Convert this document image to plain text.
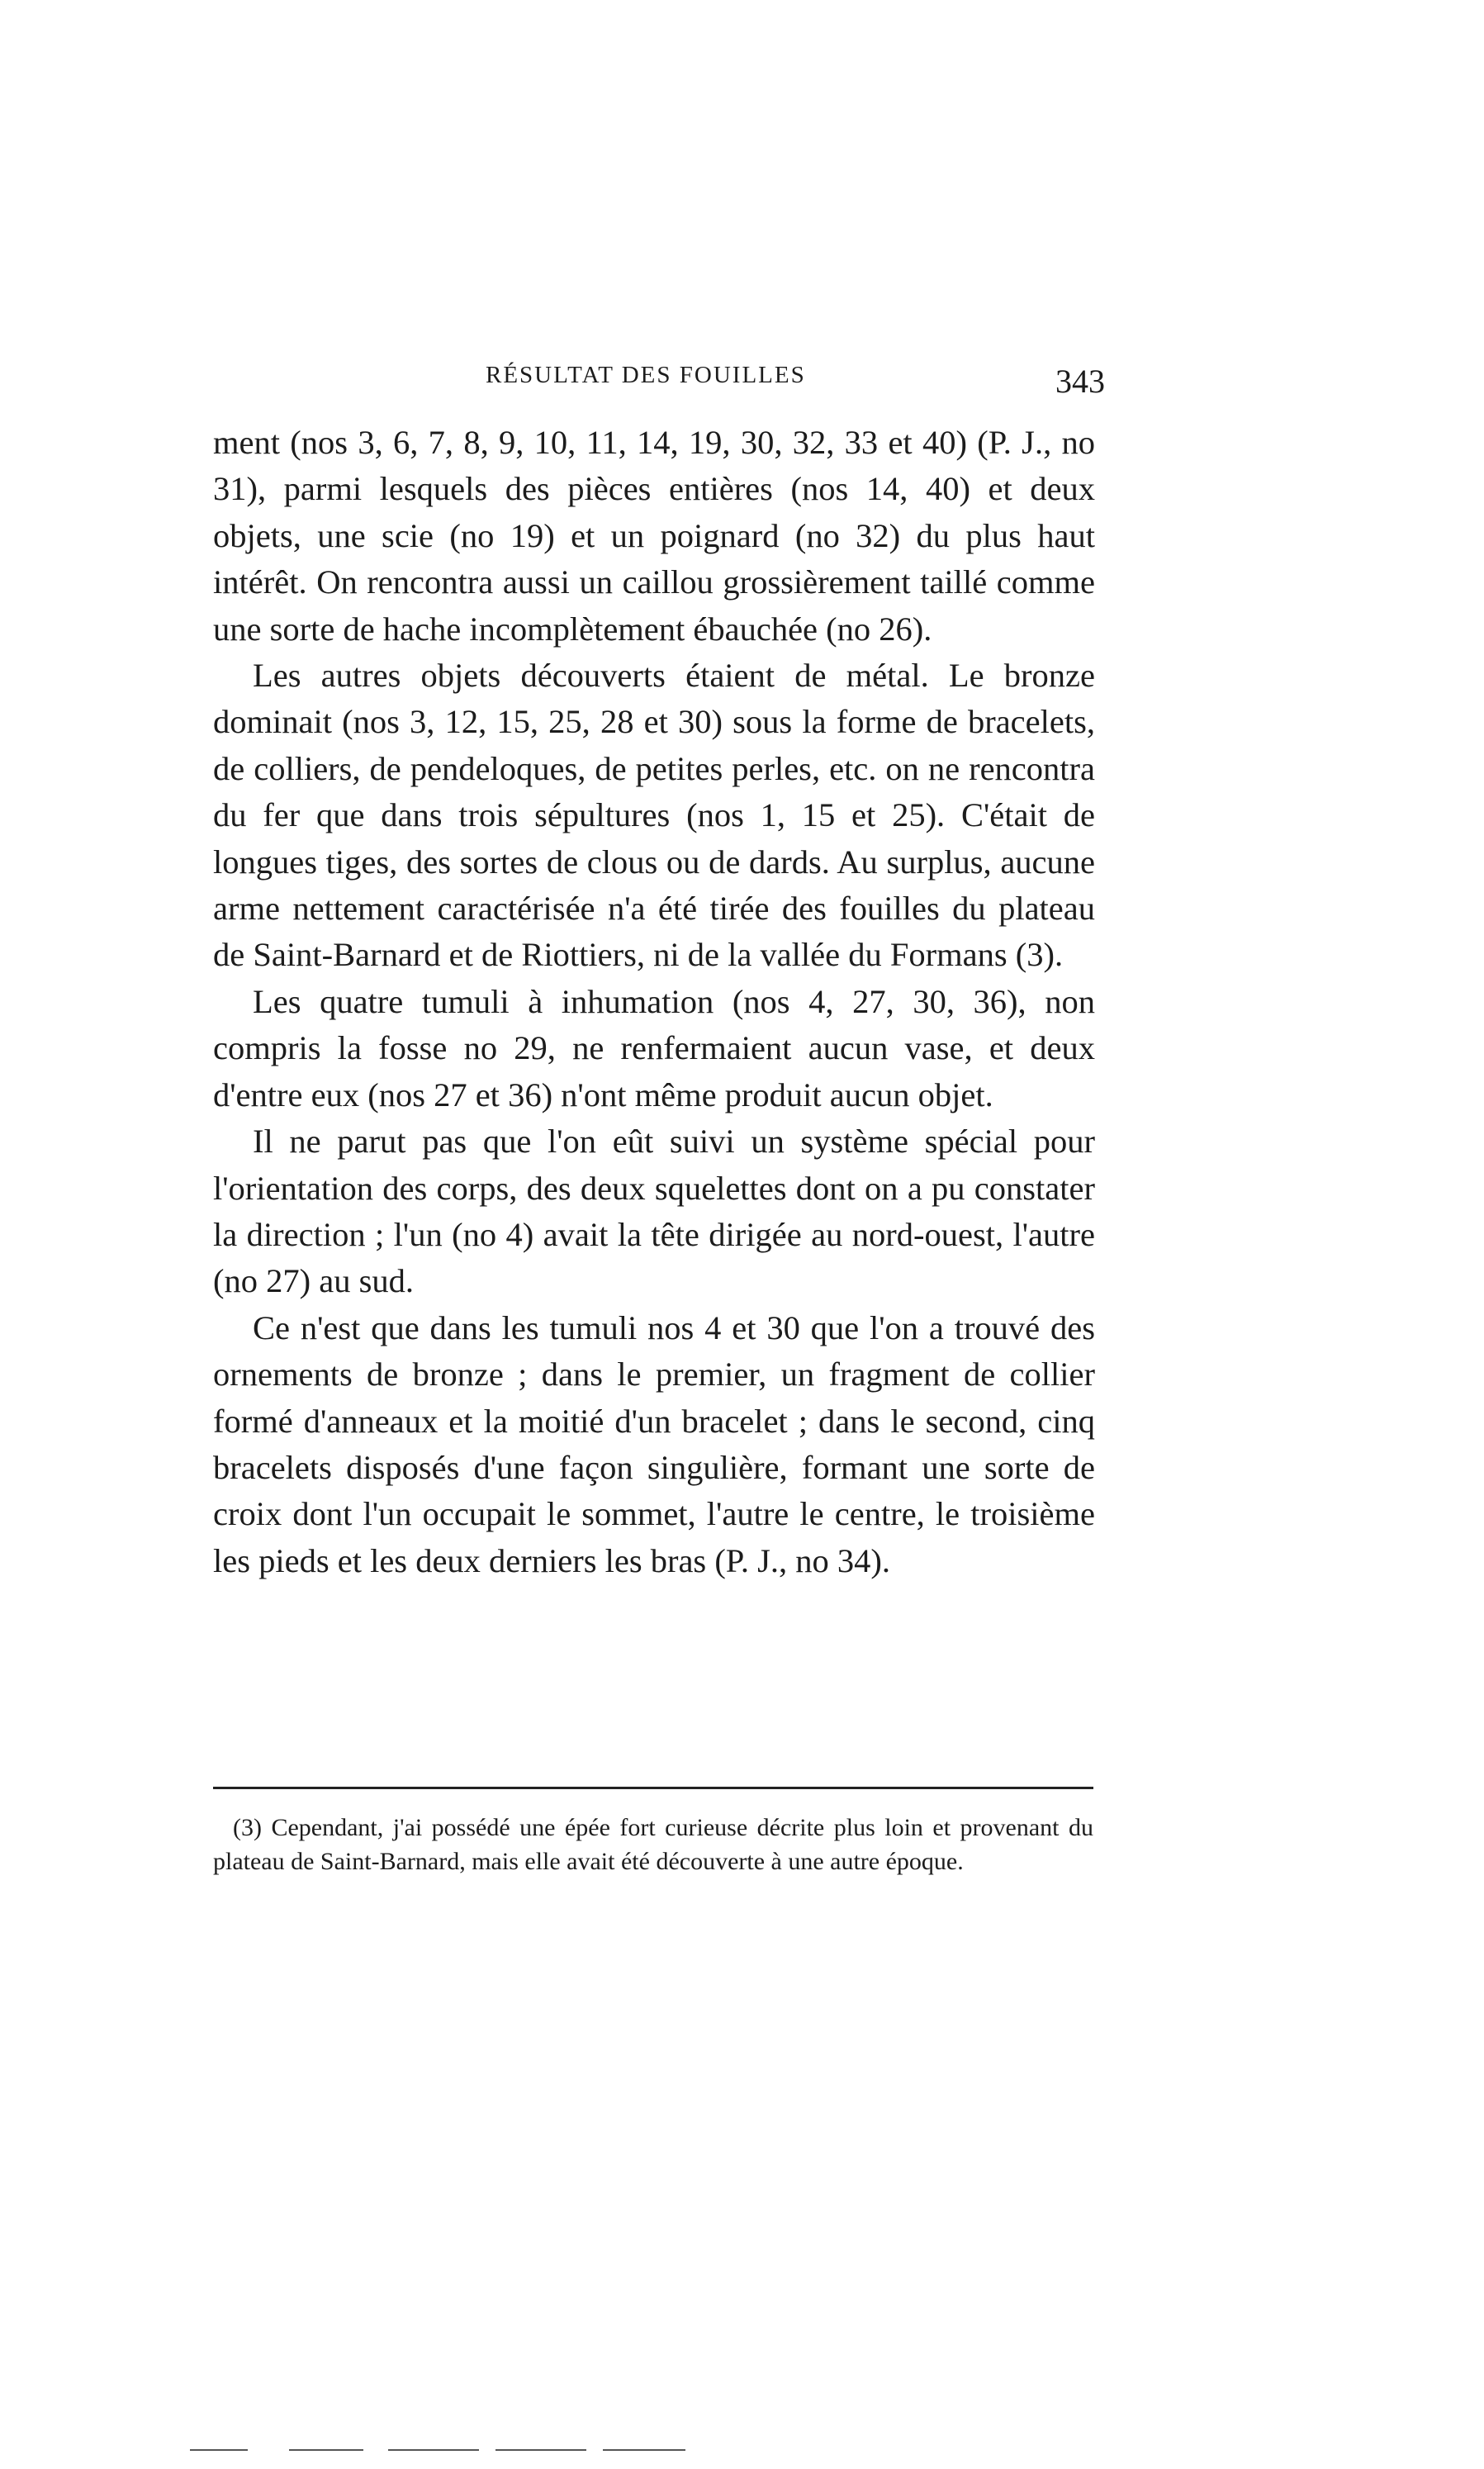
RÉSULTAT DES FOUILLES	343

ment (nos 3, 6, 7, 8, 9, 10, 11, 14, 19, 30, 32, 33 et 40) (P. J., no 31), parmi lesquels des pièces entières (nos 14, 40) et deux objets, une scie (no 19) et un poignard (no 32) du plus haut intérêt. On rencontra aussi un caillou grossièrement taillé comme une sorte de hache incomplètement ébauchée (no 26).

Les autres objets découverts étaient de métal. Le bronze dominait (nos 3, 12, 15, 25, 28 et 30) sous la forme de bracelets, de colliers, de pendeloques, de petites perles, etc. on ne rencontra du fer que dans trois sépultures (nos 1, 15 et 25). C'était de longues tiges, des sortes de clous ou de dards. Au surplus, aucune arme nettement caractérisée n'a été tirée des fouilles du plateau de Saint-Barnard et de Riottiers, ni de la vallée du Formans (3).

Les quatre tumuli à inhumation (nos 4, 27, 30, 36), non compris la fosse no 29, ne renfermaient aucun vase, et deux d'entre eux (nos 27 et 36) n'ont même produit aucun objet.

Il ne parut pas que l'on eût suivi un système spécial pour l'orientation des corps, des deux squelettes dont on a pu constater la direction ; l'un (no 4) avait la tête dirigée au nord-ouest, l'autre (no 27) au sud.

Ce n'est que dans les tumuli nos 4 et 30 que l'on a trouvé des ornements de bronze ; dans le premier, un fragment de collier formé d'anneaux et la moitié d'un bracelet ; dans le second, cinq bracelets disposés d'une façon singulière, formant une sorte de croix dont l'un occupait le sommet, l'autre le centre, le troisième les pieds et les deux derniers les bras (P. J., no 34).

(3) Cependant, j'ai possédé une épée fort curieuse décrite plus loin et provenant du plateau de Saint-Barnard, mais elle avait été découverte à une autre époque.
